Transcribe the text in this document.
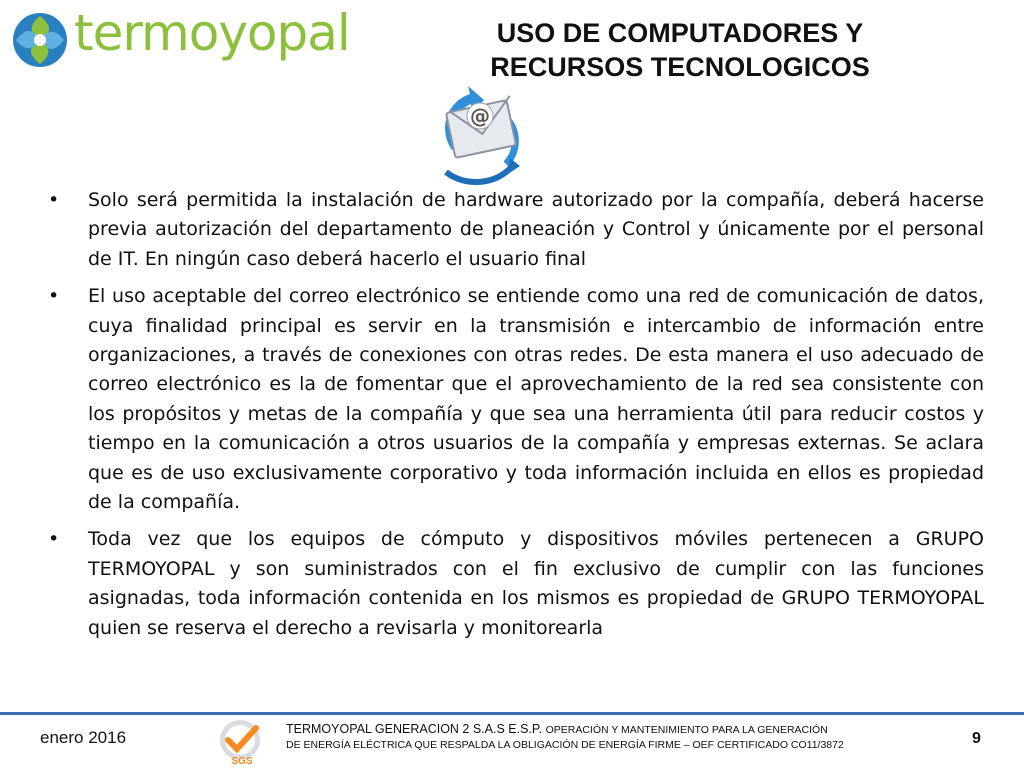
termoyopal	USO DE COMPUTADORES Y
RECURSOS TECNOLOGICOS
@
• Solo será permitida la instalación de hardware autorizado por la compañía, deberá hacerse previa autorización del departamento de planeación y Control y únicamente por el personal de IT. En ningún caso deberá hacerlo el usuario final
• El uso aceptable del correo electrónico se entiende como una red de comunicación de datos, cuya finalidad principal es servir en la transmisión e intercambio de información entre organizaciones, a través de conexiones con otras redes. De esta manera el uso adecuado de correo electrónico es la de fomentar que el aprovechamiento de la red sea consistente con los propósitos y metas de la compañía y que sea una herramienta útil para reducir costos y tiempo en la comunicación a otros usuarios de la compañía y empresas externas. Se aclara que es de uso exclusivamente corporativo y toda información incluida en ellos es propiedad de la compañía.
• Toda vez que los equipos de cómputo y dispositivos móviles pertenecen a GRUPO TERMOYOPAL y son suministrados con el fin exclusivo de cumplir con las funciones asignadas, toda información contenida en los mismos es propiedad de GRUPO TERMOYOPAL quien se reserva el derecho a revisarla y monitorearla
enero 2016
SGS
TERMOYOPAL GENERACION 2 S.A.S E.S.P. OPERACIÓN Y MANTENIMIENTO PARA LA GENERACIÓN
DE ENERGÍA ELÉCTRICA QUE RESPALDA LA OBLIGACIÓN DE ENERGÍA FIRME – OEF CERTIFICADO CO11/3872	9
